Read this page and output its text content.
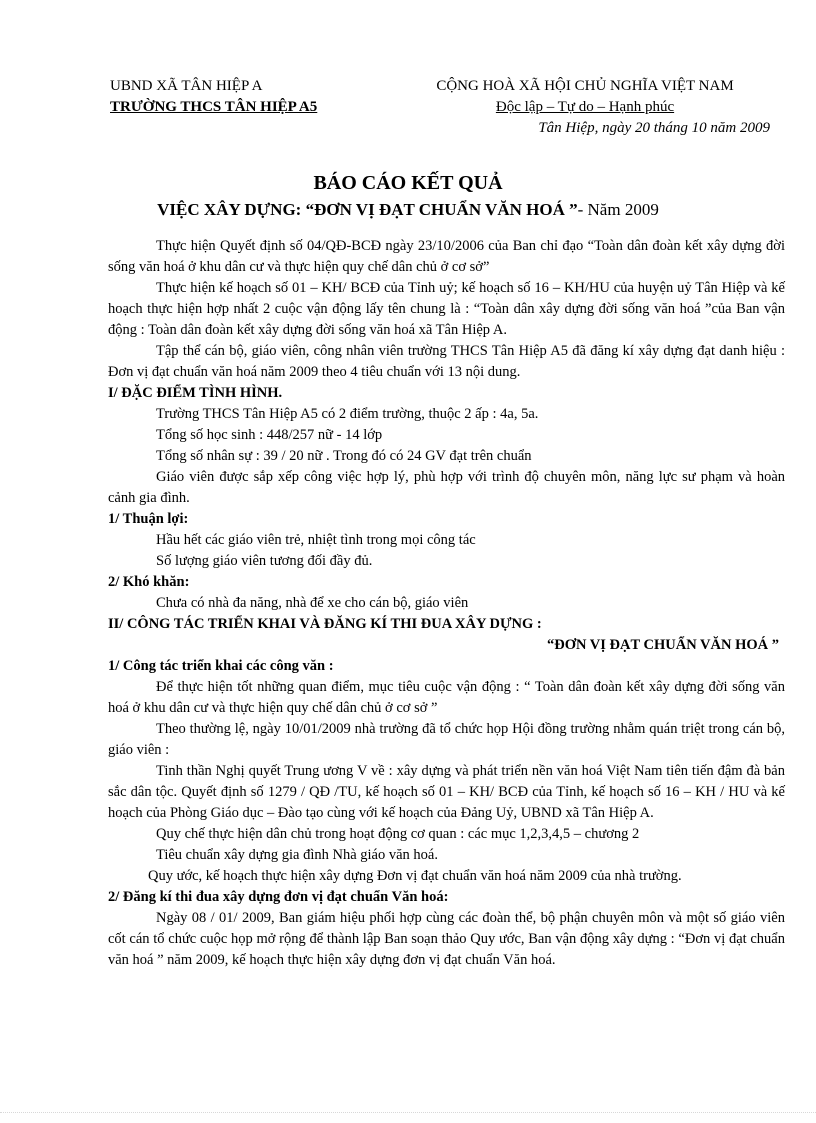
UBND XÃ TÂN HIỆP A
TRƯỜNG THCS TÂN HIỆP A5
CỘNG HOÀ XÃ HỘI CHỦ NGHĨA VIỆT NAM
Độc lập – Tự do – Hạnh phúc
Tân Hiệp, ngày 20 tháng 10 năm 2009
BÁO CÁO KẾT QUẢ
VIỆC XÂY DỰNG: “ĐƠN VỊ ĐẠT CHUẨN VĂN HOÁ ”- Năm 2009

Thực hiện Quyết định số 04/QĐ-BCĐ ngày 23/10/2006 của Ban chỉ đạo “Toàn dân đoàn kết xây dựng đời sống văn hoá ở khu dân cư và thực hiện quy chế dân chủ ở cơ sở”

Thực hiện kế hoạch số 01 – KH/ BCĐ của Tỉnh uỷ; kế hoạch số 16 – KH/HU của huyện uỷ Tân Hiệp và kế hoạch thực hiện hợp nhất 2 cuộc vận động lấy tên chung là : “Toàn dân xây dựng đời sống văn hoá ”của Ban vận động : Toàn dân đoàn kết xây dựng đời sống văn hoá xã Tân Hiệp A.

Tập thể cán bộ, giáo viên, công nhân viên trường THCS Tân Hiệp A5 đã đăng kí xây dựng đạt danh hiệu : Đơn vị đạt chuẩn văn hoá năm 2009 theo 4 tiêu chuẩn với 13 nội dung.

I/ ĐẶC ĐIỂM TÌNH HÌNH.

Trường THCS Tân Hiệp A5 có 2 điểm trường, thuộc 2 ấp : 4a, 5a.

Tổng số học sinh : 448/257 nữ - 14 lớp

Tổng số nhân sự : 39 / 20 nữ . Trong đó có 24 GV đạt trên chuẩn

Giáo viên được sắp xếp công việc hợp lý, phù hợp với trình độ chuyên môn, năng lực sư phạm và hoàn cảnh gia đình.

1/ Thuận lợi:

Hầu hết các giáo viên trẻ, nhiệt tình trong mọi công tác

Số lượng giáo viên tương đối đầy đủ.

2/ Khó khăn:

Chưa có nhà đa năng, nhà để xe cho cán bộ, giáo viên

II/ CÔNG TÁC TRIỂN KHAI VÀ ĐĂNG KÍ THI ĐUA XÂY DỰNG :

“ĐƠN VỊ ĐẠT CHUẨN VĂN HOÁ ”

1/ Công tác triển khai các công văn :

Để thực hiện tốt những quan điểm, mục tiêu cuộc vận động : “ Toàn dân đoàn kết xây dựng đời sống văn hoá ở khu dân cư và thực hiện quy chế dân chủ ở cơ sở ”

Theo thường lệ, ngày 10/01/2009 nhà trường đã tổ chức họp Hội đồng trường nhằm quán triệt trong cán bộ, giáo viên :

Tinh thần Nghị quyết Trung ương V về : xây dựng và phát triển nền văn hoá Việt Nam tiên tiến đậm đà bản sắc dân tộc. Quyết định số 1279 / QĐ /TU, kế hoạch số 01 – KH/ BCĐ của Tỉnh, kế hoạch số 16 – KH / HU và kế hoạch của Phòng Giáo dục – Đào tạo cùng với kế hoạch của Đảng Uỷ, UBND xã Tân Hiệp A.

Quy chế thực hiện dân chủ trong hoạt động cơ quan : các mục 1,2,3,4,5 – chương 2

Tiêu chuẩn xây dựng gia đình Nhà giáo văn hoá.

Quy ước, kế hoạch thực hiện xây dựng Đơn vị đạt chuẩn văn hoá năm 2009 của nhà trường.

2/ Đăng kí thi đua xây dựng đơn vị đạt chuẩn Văn hoá:

Ngày 08 / 01/ 2009, Ban giám hiệu phối hợp cùng các đoàn thể, bộ phận chuyên môn và một số giáo viên cốt cán tổ chức cuộc họp mở rộng để thành lập Ban soạn thảo Quy ước, Ban vận động xây dựng : “Đơn vị đạt chuẩn văn hoá ” năm 2009, kế hoạch thực hiện xây dựng đơn vị đạt chuẩn Văn hoá.
